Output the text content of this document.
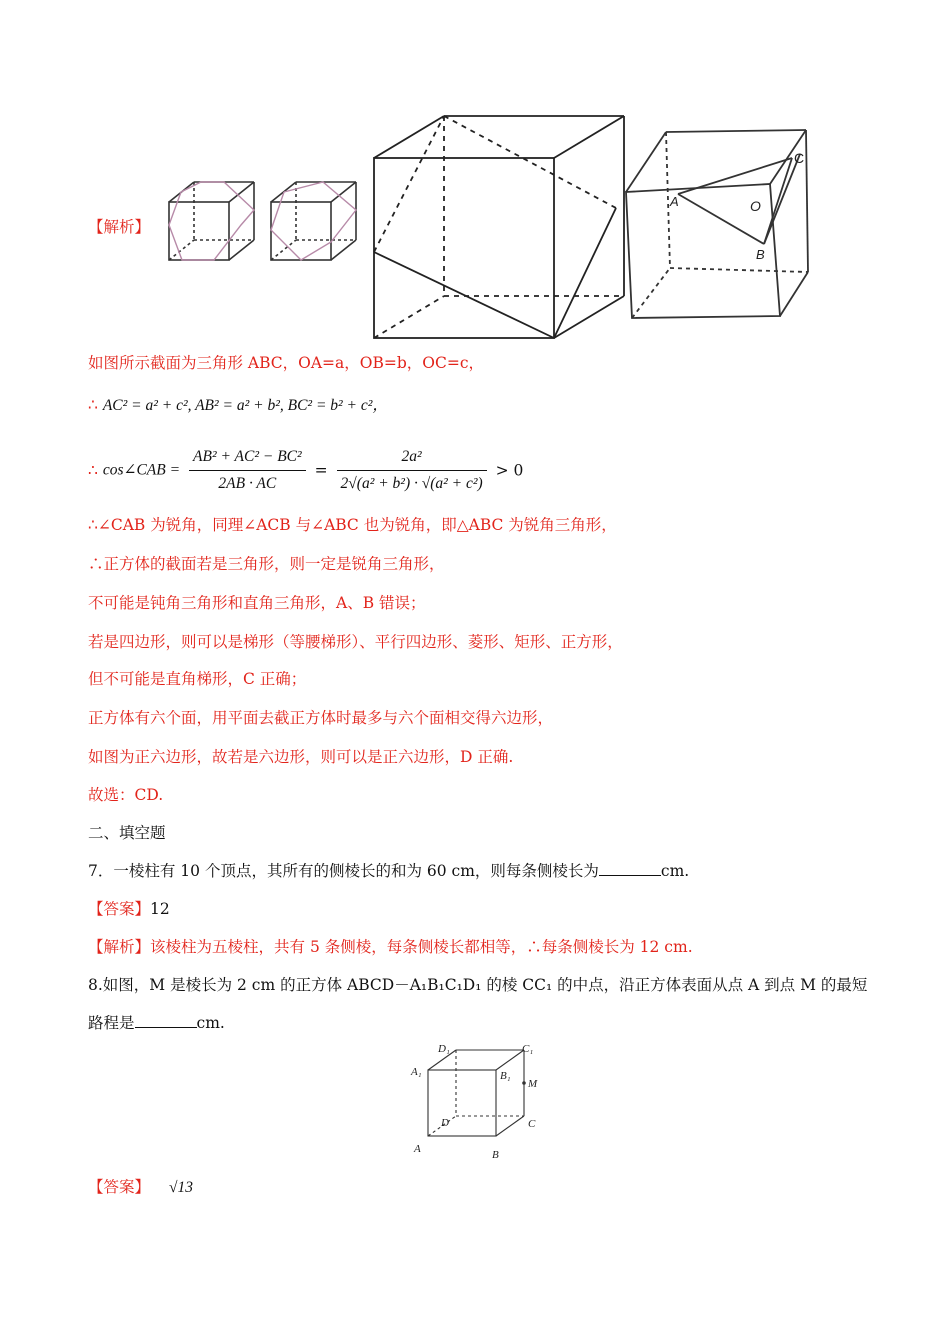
【解析】
C
A	O
B
如图所示截面为三角形 ABC，OA=a，OB=b，OC=c，
∴ AC² = a² + c², AB² = a² + b², BC² = b² + c²，
∴ cos∠CAB = $\frac{\text{AB² + AC² − BC²}}{2AB \cdot AC} = \frac{\text{2a²}}{\text{2√(a² + b²) · √(a² + c²)}} > 0$
∴∠CAB 为锐角，同理∠ACB 与∠ABC 也为锐角，即△ABC 为锐角三角形，
∴正方体的截面若是三角形，则一定是锐角三角形，
不可能是钝角三角形和直角三角形，A、B 错误；
若是四边形，则可以是梯形（等腰梯形）、平行四边形、菱形、矩形、正方形，
但不可能是直角梯形，C 正确；
正方体有六个面，用平面去截正方体时最多与六个面相交得六边形，
如图为正六边形，故若是六边形，则可以是正六边形，D 正确.
故选：CD.
二、填空题
7．一棱柱有 10 个顶点，其所有的侧棱长的和为 60 cm，则每条侧棱长为	cm.
【答案】12
【解析】该棱柱为五棱柱，共有 5 条侧棱，每条侧棱长都相等，∴每条侧棱长为 12 cm.
8.如图，M 是棱长为 2 cm 的正方体 ABCD－A₁B₁C₁D₁ 的棱 CC₁ 的中点，沿正方体表面从点 A 到点 M 的最短
路程是	cm.
D₁	C₁
A₁	B₁
M
D	C
A	B
【答案】 √13
